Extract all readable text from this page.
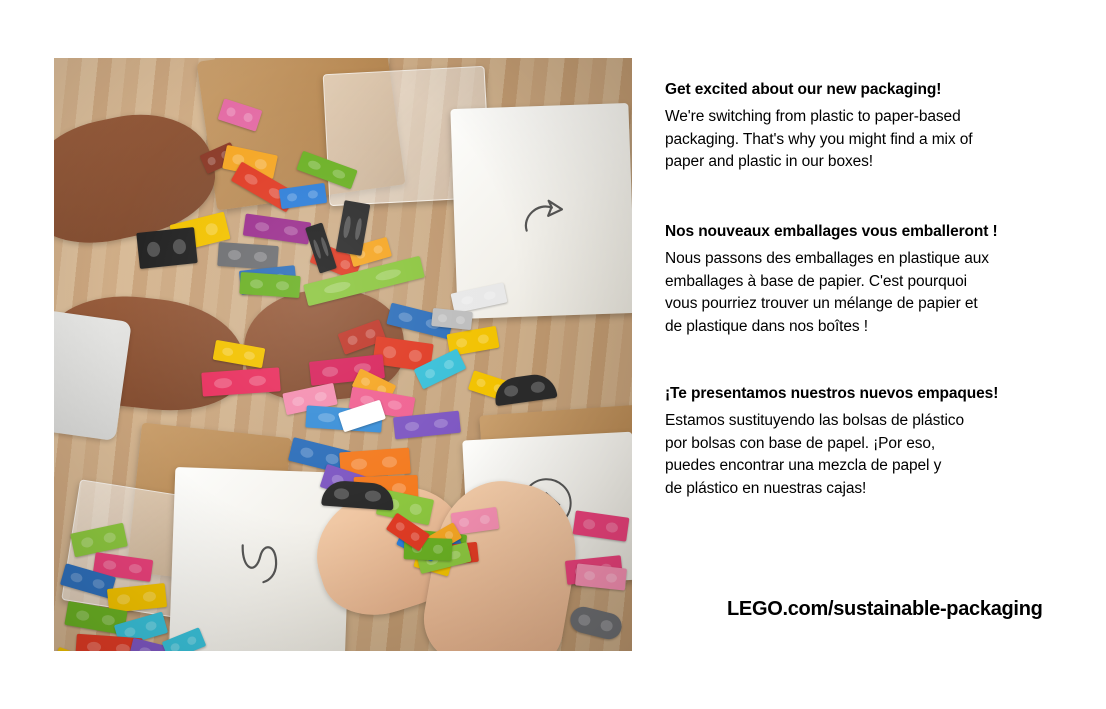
Get excited about our new packaging!

We're switching from plastic to paper-based
packaging. That's why you might find a mix of
paper and plastic in our boxes!

Nos nouveaux emballages vous emballeront !

Nous passons des emballages en plastique aux
emballages à base de papier. C'est pourquoi
vous pourriez trouver un mélange de papier et
de plastique dans nos boîtes !

¡Te presentamos nuestros nuevos empaques!

Estamos sustituyendo las bolsas de plástico
por bolsas con base de papel. ¡Por eso,
puedes encontrar una mezcla de papel y
de plástico en nuestras cajas!

LEGO.com/sustainable-packaging
